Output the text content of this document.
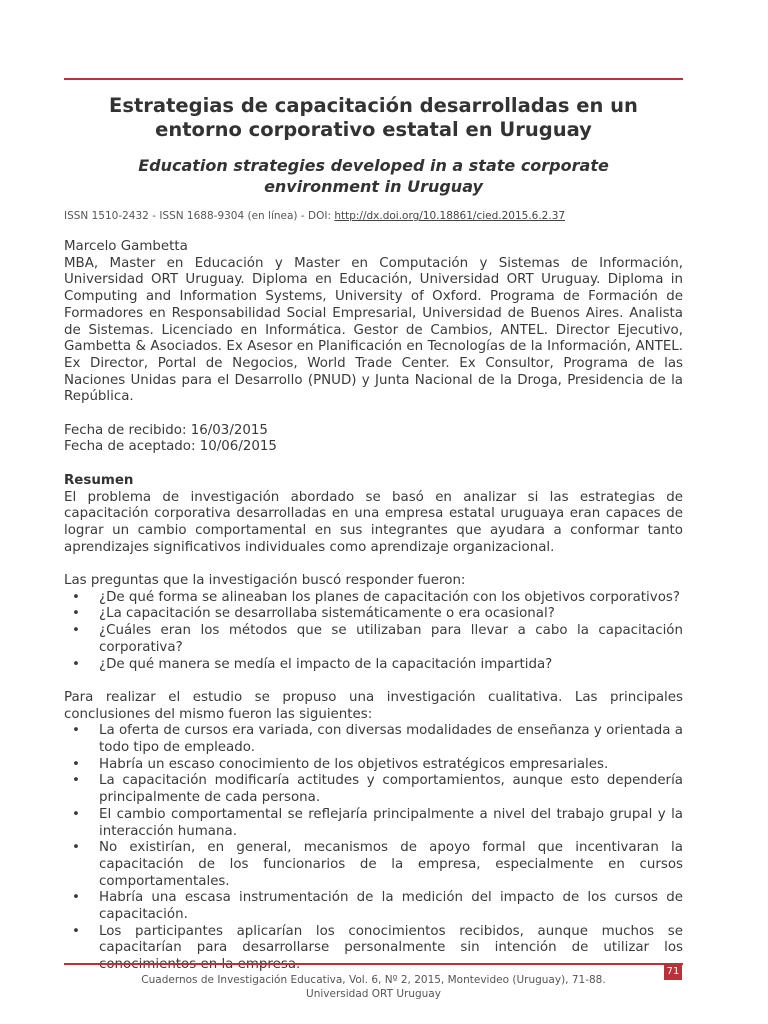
Estrategias de capacitación desarrolladas en un
entorno corporativo estatal en Uruguay
Education strategies developed in a state corporate
environment in Uruguay
ISSN 1510-2432 - ISSN 1688-9304 (en línea) - DOI: http://dx.doi.org/10.18861/cied.2015.6.2.37

Marcelo Gambetta

MBA, Master en Educación y Master en Computación y Sistemas de Información, Universidad ORT Uruguay. Diploma en Educación, Universidad ORT Uruguay. Diploma in Computing and Information Systems, University of Oxford. Programa de Formación de Formadores en Responsabilidad Social Empresarial, Universidad de Buenos Aires. Analista de Sistemas. Licenciado en Informática. Gestor de Cambios, ANTEL. Director Ejecutivo, Gambetta & Asociados. Ex Asesor en Planificación en Tecnologías de la Información, ANTEL. Ex Director, Portal de Negocios, World Trade Center. Ex Consultor, Programa de las Naciones Unidas para el Desarrollo (PNUD) y Junta Nacional de la Droga, Presidencia de la República.

Fecha de recibido: 16/03/2015

Fecha de aceptado: 10/06/2015

Resumen

El problema de investigación abordado se basó en analizar si las estrategias de capacitación corporativa desarrolladas en una empresa estatal uruguaya eran capaces de lograr un cambio comportamental en sus integrantes que ayudara a conformar tanto aprendizajes significativos individuales como aprendizaje organizacional.

Las preguntas que la investigación buscó responder fueron:

• ¿De qué forma se alineaban los planes de capacitación con los objetivos corporativos?
• ¿La capacitación se desarrollaba sistemáticamente o era ocasional?
• ¿Cuáles eran los métodos que se utilizaban para llevar a cabo la capacitación corporativa?
• ¿De qué manera se medía el impacto de la capacitación impartida?

Para realizar el estudio se propuso una investigación cualitativa. Las principales conclusiones del mismo fueron las siguientes:

• La oferta de cursos era variada, con diversas modalidades de enseñanza y orientada a todo tipo de empleado.
• Habría un escaso conocimiento de los objetivos estratégicos empresariales.
• La capacitación modificaría actitudes y comportamientos, aunque esto dependería principalmente de cada persona.
• El cambio comportamental se reflejaría principalmente a nivel del trabajo grupal y la interacción humana.
• No existirían, en general, mecanismos de apoyo formal que incentivaran la capacitación de los funcionarios de la empresa, especialmente en cursos comportamentales.
• Habría una escasa instrumentación de la medición del impacto de los cursos de capacitación.
• Los participantes aplicarían los conocimientos recibidos, aunque muchos se capacitarían para desarrollarse personalmente sin intención de utilizar los
71
Cuadernos de Investigación Educativa, Vol. 6, Nº 2, 2015, Montevideo (Uruguay), 71-88.
Universidad ORT Uruguay
